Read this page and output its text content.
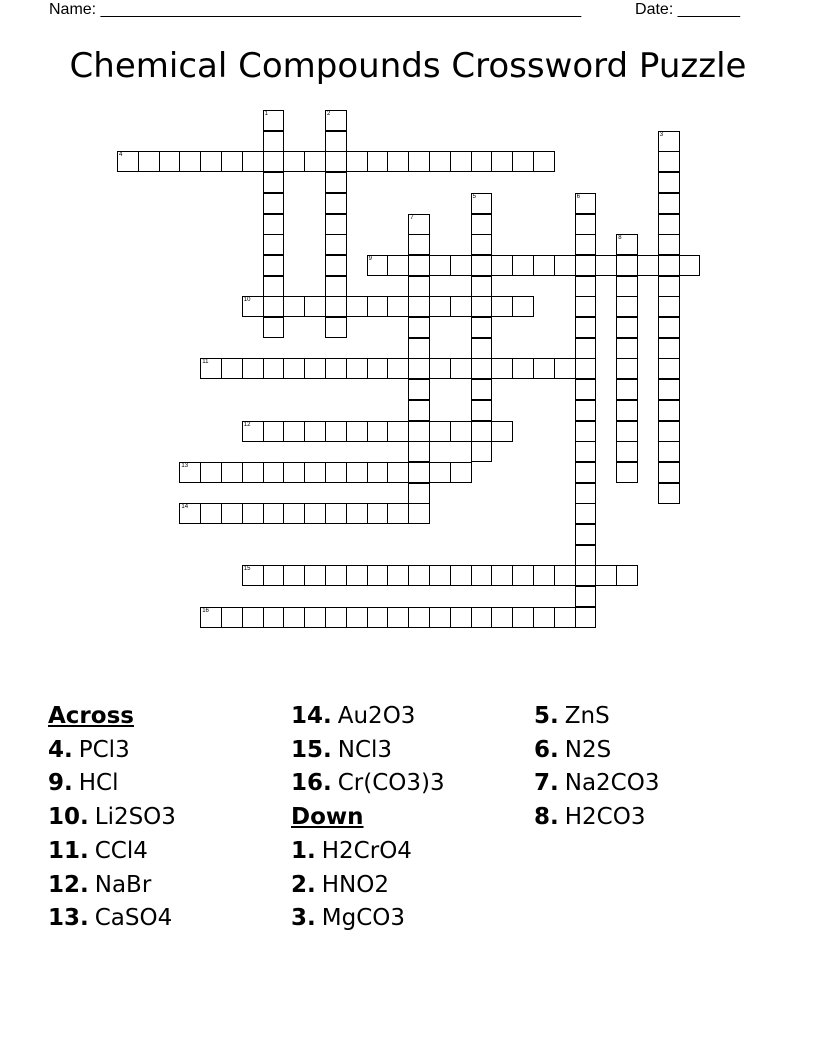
Name: ______________________________________________________	Date: _______
Chemical Compounds Crossword Puzzle
4
9
10
11
12
13
14
15
16
1	2
3
5	6
7
8
Across
4. PCl3
9. HCl
10. Li2SO3
11. CCl4
12. NaBr
13. CaSO4
14. Au2O3
15. NCl3
16. Cr(CO3)3
Down
1. H2CrO4
2. HNO2
3. MgCO3
5. ZnS
6. N2S
7. Na2CO3
8. H2CO3
